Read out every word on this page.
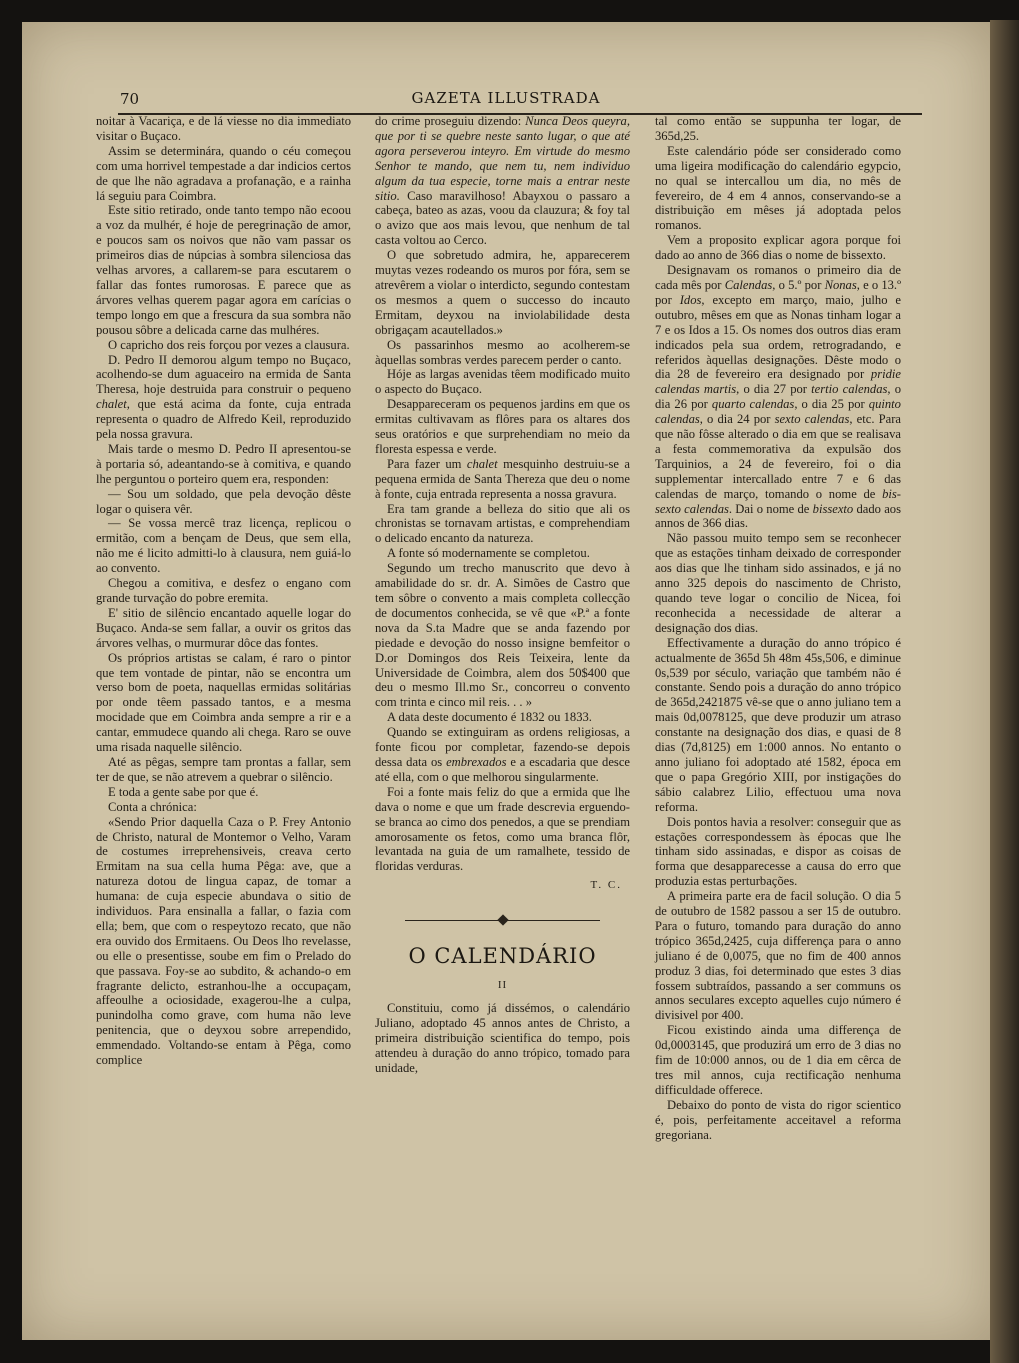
70	GAZETA ILLUSTRADA

noitar à Vacariça, e de lá viesse no dia immediato visitar o Buçaco.

Assim se determinára, quando o céu começou com uma horrivel tempestade a dar indicios certos de que lhe não agradava a profanação, e a rainha lá seguiu para Coimbra.

Este sitio retirado, onde tanto tempo não ecoou a voz da mulhér, é hoje de peregrinação de amor, e poucos sam os noivos que não vam passar os primeiros dias de núpcias à sombra silenciosa das velhas arvores, a callarem-se para escutarem o fallar das fontes rumorosas. E parece que as árvores velhas querem pagar agora em carícias o tempo longo em que a frescura da sua sombra não pousou sôbre a delicada carne das mulhéres.

O capricho dos reis forçou por vezes a clausura.

D. Pedro II demorou algum tempo no Buçaco, acolhendo-se dum aguaceiro na ermida de Santa Theresa, hoje destruida para construir o pequeno chalet, que está acima da fonte, cuja entrada representa o quadro de Alfredo Keil, reproduzido pela nossa gravura.

Mais tarde o mesmo D. Pedro II apresentou-se à portaria só, adeantando-se à comitiva, e quando lhe perguntou o porteiro quem era, responden:

— Sou um soldado, que pela devoção dêste logar o quisera vêr.

— Se vossa mercê traz licença, replicou o ermitão, com a bençam de Deus, que sem ella, não me é licito admitti-lo à clausura, nem guiá-lo ao convento.

Chegou a comitiva, e desfez o engano com grande turvação do pobre eremita.

E' sitio de silêncio encantado aquelle logar do Buçaco. Anda-se sem fallar, a ouvir os gritos das árvores velhas, o murmurar dôce das fontes.

Os próprios artistas se calam, é raro o pintor que tem vontade de pintar, não se encontra um verso bom de poeta, naquellas ermidas solitárias por onde têem passado tantos, e a mesma mocidade que em Coimbra anda sempre a rir e a cantar, emmudece quando ali chega. Raro se ouve uma risada naquelle silêncio.

Até as pêgas, sempre tam prontas a fallar, sem ter de que, se não atrevem a quebrar o silêncio.

E toda a gente sabe por que é.

Conta a chrónica:

«Sendo Prior daquella Caza o P. Frey Antonio de Christo, natural de Montemor o Velho, Varam de costumes irreprehensiveis, creava certo Ermitam na sua cella huma Pêga: ave, que a natureza dotou de lingua capaz, de tomar a humana: de cuja especie abundava o sitio de individuos. Para ensinalla a fallar, o fazia com ella; bem, que com o respeytozo recato, que não era ouvido dos Ermitaens. Ou Deos lho revelasse, ou elle o presentisse, soube em fim o Prelado do que passava. Foy-se ao subdito, & achando-o em fragrante delicto, estranhou-lhe a occupaçam, affeoulhe a ociosidade, exagerou-lhe a culpa, punindolha como grave, com huma não leve penitencia, que o deyxou sobre arrependido, emmendado. Voltando-se entam à Pêga, como complice

do crime proseguiu dizendo: Nunca Deos queyra, que por ti se quebre neste santo lugar, o que até agora perseverou inteyro. Em virtude do mesmo Senhor te mando, que nem tu, nem individuo algum da tua especie, torne mais a entrar neste sitio. Caso maravilhoso! Abayxou o passaro a cabeça, bateo as azas, voou da clauzura; & foy tal o avizo que aos mais levou, que nenhum de tal casta voltou ao Cerco.

O que sobretudo admira, he, apparecerem muytas vezes rodeando os muros por fóra, sem se atrevêrem a violar o interdicto, segundo contestam os mesmos a quem o successo do incauto Ermitam, deyxou na inviolabilidade desta obrigaçam acautellados.»

Os passarinhos mesmo ao acolherem-se àquellas sombras verdes parecem perder o canto.

Hóje as largas avenidas têem modificado muito o aspecto do Buçaco.

Desappareceram os pequenos jardins em que os ermitas cultivavam as flôres para os altares dos seus oratórios e que surprehendiam no meio da floresta espessa e verde.

Para fazer um chalet mesquinho destruiu-se a pequena ermida de Santa Thereza que deu o nome à fonte, cuja entrada representa a nossa gravura.

Era tam grande a belleza do sitio que ali os chronistas se tornavam artistas, e comprehendiam o delicado encanto da natureza.

A fonte só modernamente se completou.

Segundo um trecho manuscrito que devo à amabilidade do sr. dr. A. Simões de Castro que tem sôbre o convento a mais completa collecção de documentos conhecida, se vê que «P.ª a fonte nova da S.ta Madre que se anda fazendo por piedade e devoção do nosso insigne bemfeitor o D.or Domingos dos Reis Teixeira, lente da Universidade de Coimbra, alem dos 50$400 que deu o mesmo Ill.mo Sr., concorreu o convento com trinta e cinco mil reis. . . »

A data deste documento é 1832 ou 1833.

Quando se extinguiram as ordens religiosas, a fonte ficou por completar, fazendo-se depois dessa data os embrexados e a escadaria que desce até ella, com o que melhorou singularmente.

Foi a fonte mais feliz do que a ermida que lhe dava o nome e que um frade descrevia erguendo-se branca ao cimo dos penedos, a que se prendiam amorosamente os fetos, como uma branca flôr, levantada na guia de um ramalhete, tessido de floridas verduras.

T. C.
O CALENDÁRIO
II

Constituiu, como já dissémos, o calendário Juliano, adoptado 45 annos antes de Christo, a primeira distribuição scientifica do tempo, pois attendeu à duração do anno trópico, tomado para unidade,

tal como então se suppunha ter logar, de 365d,25.

Este calendário póde ser considerado como uma ligeira modificação do calendário egypcio, no qual se intercallou um dia, no mês de fevereiro, de 4 em 4 annos, conservando-se a distribuição em mêses já adoptada pelos romanos.

Vem a proposito explicar agora porque foi dado ao anno de 366 dias o nome de bissexto.

Designavam os romanos o primeiro dia de cada mês por Calendas, o 5.º por Nonas, e o 13.º por Idos, excepto em março, maio, julho e outubro, mêses em que as Nonas tinham logar a 7 e os Idos a 15. Os nomes dos outros dias eram indicados pela sua ordem, retrogradando, e referidos àquellas designações. Dêste modo o dia 28 de fevereiro era designado por pridie calendas martis, o dia 27 por tertio calendas, o dia 26 por quarto calendas, o dia 25 por quinto calendas, o dia 24 por sexto calendas, etc. Para que não fôsse alterado o dia em que se realisava a festa commemorativa da expulsão dos Tarquinios, a 24 de fevereiro, foi o dia supplementar intercallado entre 7 e 6 das calendas de março, tomando o nome de bis-sexto calendas. Dai o nome de bissexto dado aos annos de 366 dias.

Não passou muito tempo sem se reconhecer que as estações tinham deixado de corresponder aos dias que lhe tinham sido assinados, e já no anno 325 depois do nascimento de Christo, quando teve logar o concilio de Nicea, foi reconhecida a necessidade de alterar a designação dos dias.

Effectivamente a duração do anno trópico é actualmente de 365d 5h 48m 45s,506, e diminue 0s,539 por século, variação que também não é constante. Sendo pois a duração do anno trópico de 365d,2421875 vê-se que o anno juliano tem a mais 0d,0078125, que deve produzir um atraso constante na designação dos dias, e quasi de 8 dias (7d,8125) em 1:000 annos. No entanto o anno juliano foi adoptado até 1582, época em que o papa Gregório XIII, por instigações do sábio calabrez Lilio, effectuou uma nova reforma.

Dois pontos havia a resolver: conseguir que as estações correspondessem às épocas que lhe tinham sido assinadas, e dispor as coisas de forma que desapparecesse a causa do erro que produzia estas perturbações.

A primeira parte era de facil solução. O dia 5 de outubro de 1582 passou a ser 15 de outubro. Para o futuro, tomando para duração do anno trópico 365d,2425, cuja differença para o anno juliano é de 0,0075, que no fim de 400 annos produz 3 dias, foi determinado que estes 3 dias fossem subtraídos, passando a ser communs os annos seculares excepto aquelles cujo número é divisivel por 400.

Ficou existindo ainda uma differença de 0d,0003145, que produzirá um erro de 3 dias no fim de 10:000 annos, ou de 1 dia em cêrca de tres mil annos, cuja rectificação nenhuma difficuldade offerece.

Debaixo do ponto de vista do rigor scientico é, pois, perfeitamente acceitavel a reforma gregoriana.
